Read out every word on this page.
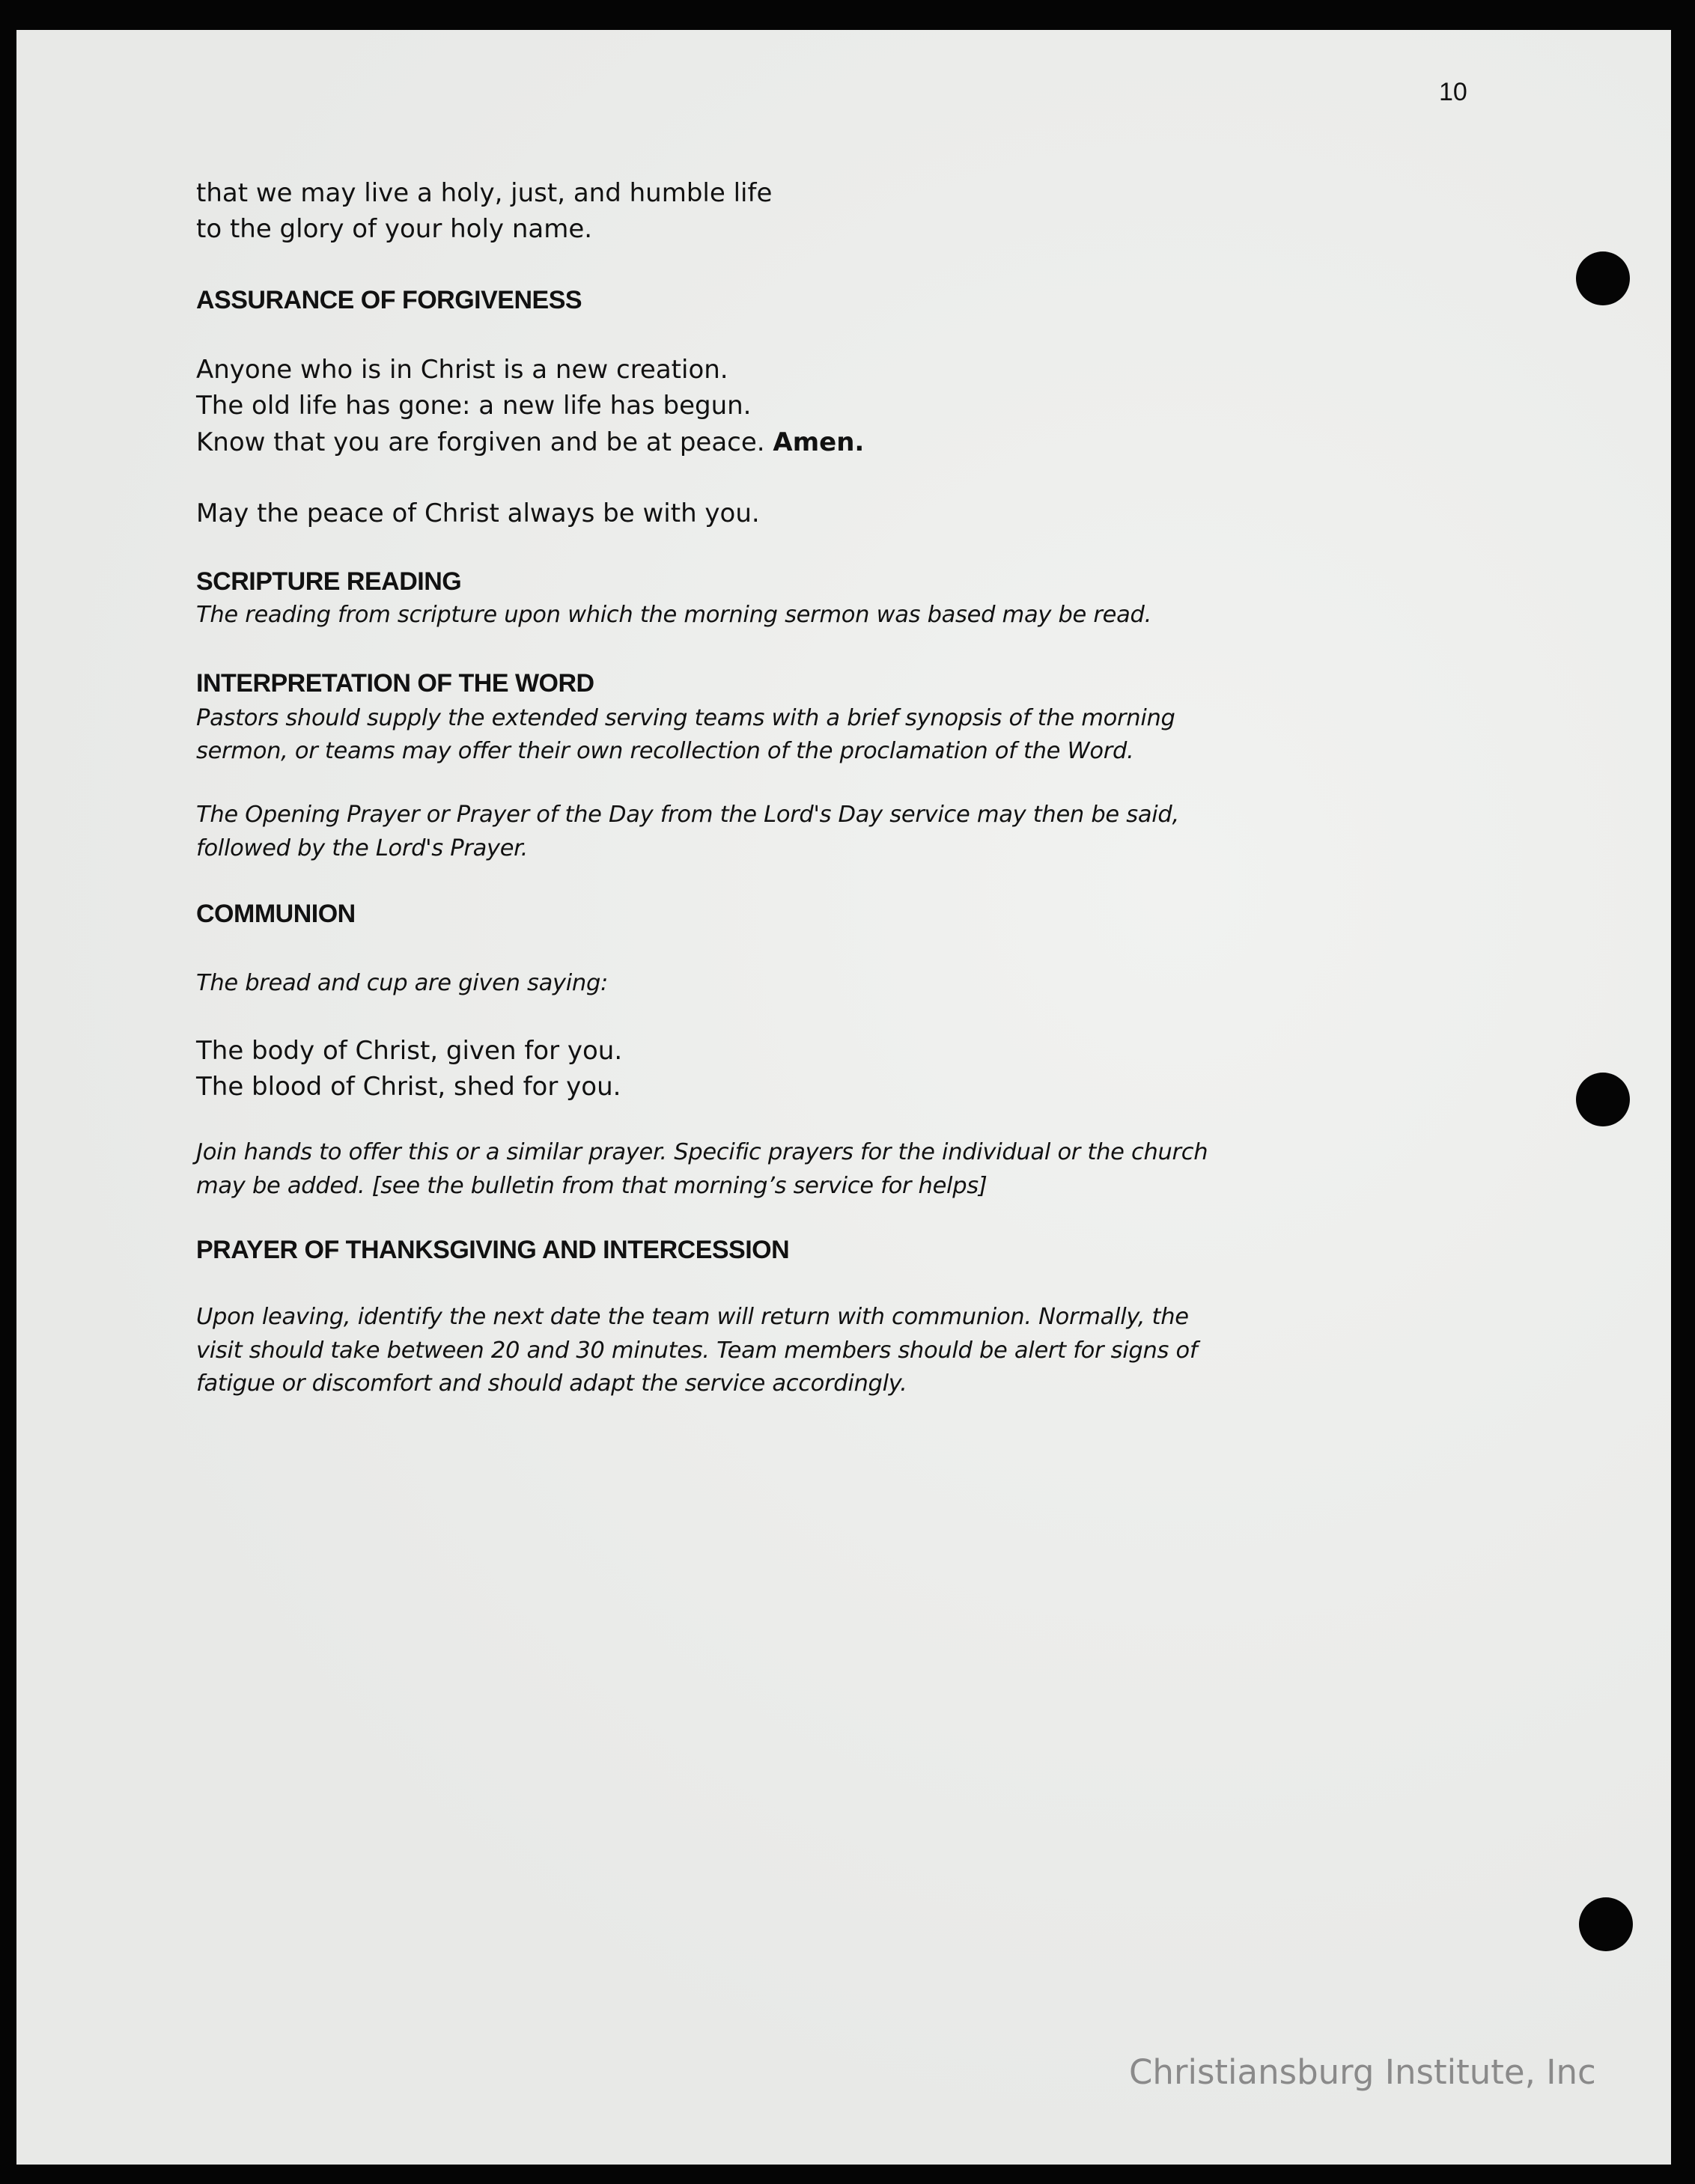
10
that we may live a holy, just, and humble life
to the glory of your holy name.
ASSURANCE OF FORGIVENESS
Anyone who is in Christ is a new creation.
The old life has gone: a new life has begun.
Know that you are forgiven and be at peace. Amen.
May the peace of Christ always be with you.
SCRIPTURE READING
The reading from scripture upon which the morning sermon was based may be read.
INTERPRETATION OF THE WORD
Pastors should supply the extended serving teams with a brief synopsis of the morning
sermon, or teams may offer their own recollection of the proclamation of the Word.
The Opening Prayer or Prayer of the Day from the Lord's Day service may then be said,
followed by the Lord's Prayer.
COMMUNION
The bread and cup are given saying:
The body of Christ, given for you.
The blood of Christ, shed for you.
Join hands to offer this or a similar prayer. Specific prayers for the individual or the church
may be added. [see the bulletin from that morning’s service for helps]
PRAYER OF THANKSGIVING AND INTERCESSION
Upon leaving, identify the next date the team will return with communion. Normally, the
visit should take between 20 and 30 minutes. Team members should be alert for signs of
fatigue or discomfort and should adapt the service accordingly.
Christiansburg Institute, Inc
